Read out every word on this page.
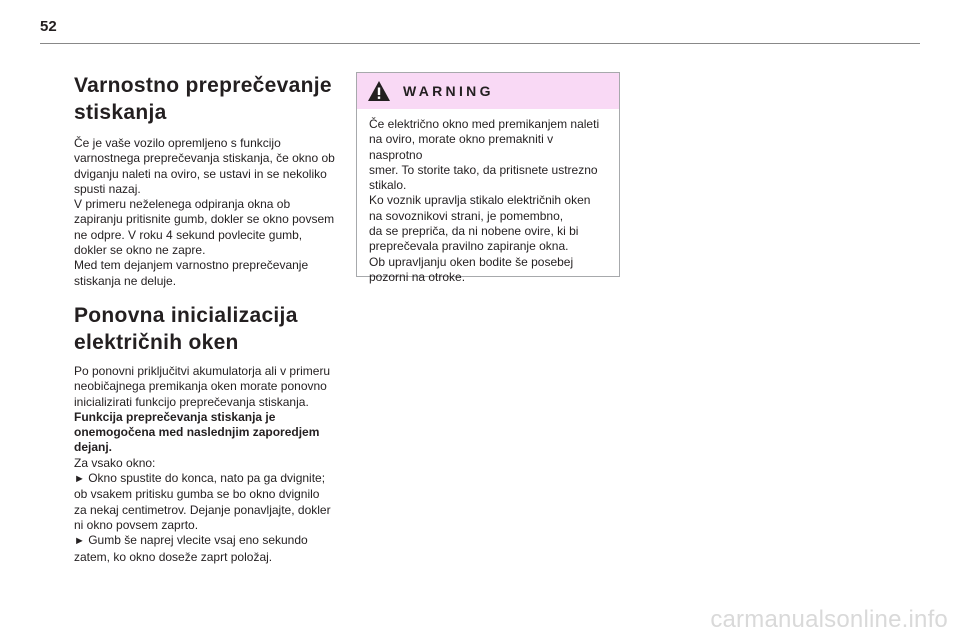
52
Varnostno preprečevanje
stiskanja

Če je vaše vozilo opremljeno s funkcijo
varnostnega preprečevanja stiskanja, če okno ob
dviganju naleti na oviro, se ustavi in se nekoliko
spusti nazaj.
V primeru neželenega odpiranja okna ob
zapiranju pritisnite gumb, dokler se okno povsem
ne odpre. V roku 4 sekund povlecite gumb,
dokler se okno ne zapre.
Med tem dejanjem varnostno preprečevanje
stiskanja ne deluje.

Ponovna inicializacija
električnih oken

Po ponovni priključitvi akumulatorja ali v primeru
neobičajnega premikanja oken morate ponovno
inicializirati funkcijo preprečevanja stiskanja.
Funkcija preprečevanja stiskanja je
onemogočena med naslednjim zaporedjem
dejanj.
Za vsako okno:
► Okno spustite do konca, nato pa ga dvignite;
ob vsakem pritisku gumba se bo okno dvignilo
za nekaj centimetrov. Dejanje ponavljajte, dokler
ni okno povsem zaprto.
► Gumb še naprej vlecite vsaj eno sekundo
zatem, ko okno doseže zaprt položaj.

WARNING
Če električno okno med premikanjem naleti
na oviro, morate okno premakniti v nasprotno
smer. To storite tako, da pritisnete ustrezno
stikalo.
Ko voznik upravlja stikalo električnih oken
na sovoznikovi strani, je pomembno,
da se prepriča, da ni nobene ovire, ki bi
preprečevala pravilno zapiranje okna.
Ob upravljanju oken bodite še posebej
pozorni na otroke.
carmanualsonline.info
